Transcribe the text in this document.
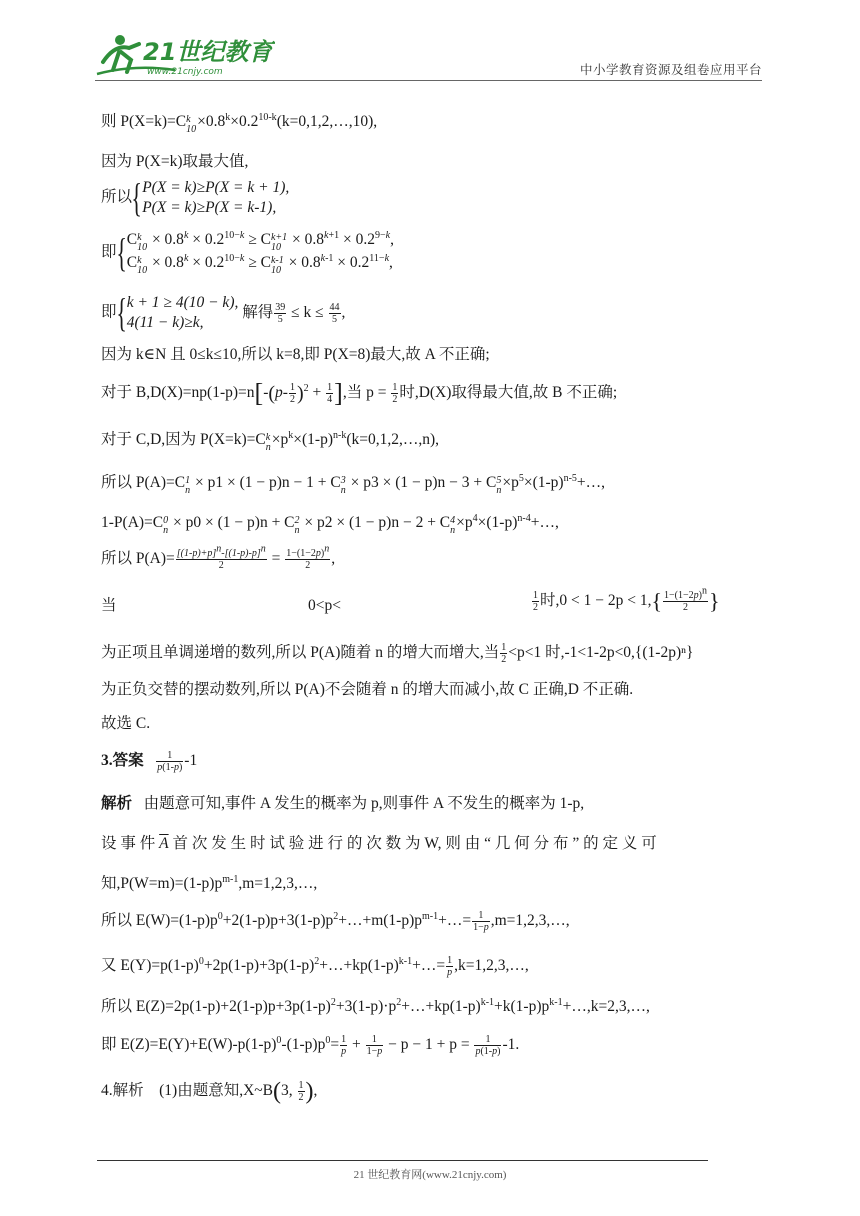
21世纪教育
www.21cnjy.com	中小学教育资源及组卷应用平台
则 P(X=k)=C k
$10 \times 0.8^k\times 0.2^{10-k}(k=0,1,2,\dots,10)$,
因为 P(X=k)取最大值,
所以{ P(X = k)≥P(X = k + 1),
P(X = k)≥P(X = k-1),
即{ C k
$10 \times 0.8^k \times 0.2^{10-k} \ge C$ k+1
$10 \times 0.8^{k+1} \times 0.2^{9-k}$,
C k
$10 \times 0.8^k \times 0.2^{10-k} \ge C$ k-1
$10 \times 0.8^{k-1} \times 0.2^{11-k}$,
即{ k + 1 ≥ 4(10 − k),
4(11 − k)≥k,
解得 $\frac{39}{5} \le k \le \frac{44}{5}$ ,
因为 k∈N 且 0≤k≤10,所以 k=8,即 P(X=8)最大,故 A 不正确;
对于 $B,D(X)=np(1-p)=n[-(p- \frac{1}{2} )^2 + \frac{1}{4}$ ],当 $p = \frac{1}{2}$ 时,D(X)取得最大值,故 B 不正确;
对于 C,D,因为 P(X=k)=C k
$n \times p^k\times(1-p)^{n-k}(k=0,1,2,\dots,n)$,
所以 P(A)=C 1
n × p1 × (1 − p)n − 1 + C 3
n × p3 × (1 − p)n − 3 + C 5
$n \times p^5\times(1-p)^{n-5}+\dots$,
1-P(A)=C 0
n × p0 × (1 − p)n + C 2
n × p2 × (1 − p)n − 2 + C 4
$n \times p^4\times(1-p)^{n-4}+\dots$,
所以 $P(A)= \frac{[(1-p)+p]^n-[(1-p)-p]^n}{2} = \frac{1-(1-2p)^n}{2}$ ,
当	0<p<	$\frac{1}{2}$ 时$,0 < 1 - 2p < 1,\{ \frac{1-(1-2p)^n}{2}$ }
为正项且单调递增的数列,所以 P(A)随着 n 的增大而增大,当 $\frac{1}{2} <p<1$ 时,-1<1-2p<0,{(1-2p)ⁿ}
为正负交替的摆动数列,所以 P(A)不会随着 n 的增大而减小,故 C 正确,D 不正确.
故选 C.
3.答案 $\frac{1}{p(1-p)} -1$
解析 由题意可知,事件 A 发生的概率为 p,则事件 A 不发生的概率为 1-p,
设 事 件 $\overline{A}$ 首 次 发 生 时 试 验 进 行 的 次 数 为 W, 则 由 “ 几 何 分 布 ” 的 定 义 可
知$,P(W=m)=(1-p)p^{m-1},m=1,2,3,\dots$,
所以 $E(W)=(1-p)p^0+2(1-p)p+3(1-p)p^2+\dots+m(1-p)p^{m-1}+\dots= \frac{1}{1-p}$ ,m=1,2,3,…,
又 $E(Y)=p(1-p)^0+2p(1-p)+3p(1-p)^2+\dots+kp(1-p)^{k-1}+\dots= \frac{1}{p}$ ,k=1,2,3,…,
所以 $E(Z)=2p(1-p)+2(1-p)p+3p(1-p)^2+3(1-p)\cdot p^2+\dots+kp(1-p)^{k-1}+k(1-p)p^{k-1}+\dots,k=2,3,\dots$,
即 $E(Z)=E(Y)+E(W)-p(1-p)^0-(1-p)p^0= \frac{1}{p} + \frac{1}{1-p} - p - 1 + p = \frac{1}{p(1-p)} -1$.
4.解析 (1)由题意知,X~B(3, $\frac{1}{2}$ ),
21 世纪教育网(www.21cnjy.com)
